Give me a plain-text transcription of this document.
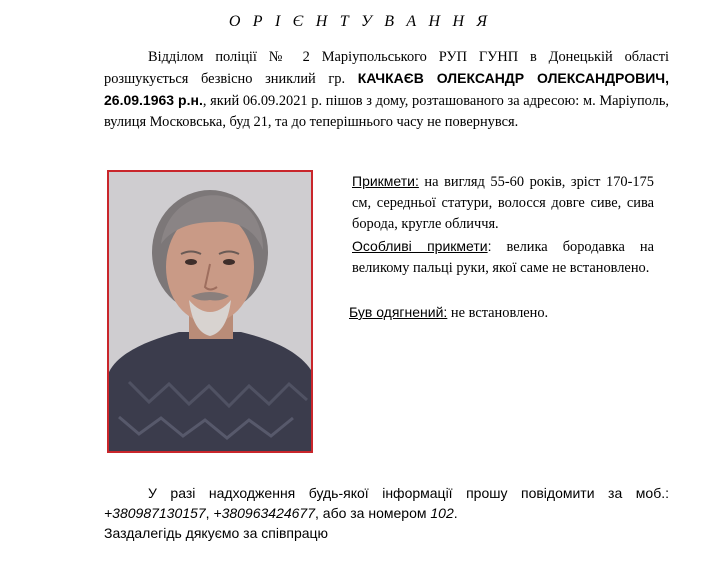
О Р І Є Н Т У В А Н Н Я
Відділом поліції № 2 Маріупольського РУП ГУНП в Донецькій області розшукується безвісно зниклий гр. КАЧКАЄВ ОЛЕКСАНДР ОЛЕКСАНДРОВИЧ, 26.09.1963 р.н., який 06.09.2021 р. пішов з дому, розташованого за адресою: м. Маріуполь, вулиця Московська, буд 21, та до теперішнього часу не повернувся.
Прикмети: на вигляд 55-60 років, зріст 170-175 см, середньої статури, волосся довге сиве, сива борода, кругле обличчя.
Особливі прикмети: велика бородавка на великому пальці руки, якої саме не встановлено.
Був одягнений: не встановлено.
У разі надходження будь-якої інформації прошу повідомити за моб.: +380987130157, +380963424677, або за номером 102.
Заздалегідь дякуємо за співпрацю
